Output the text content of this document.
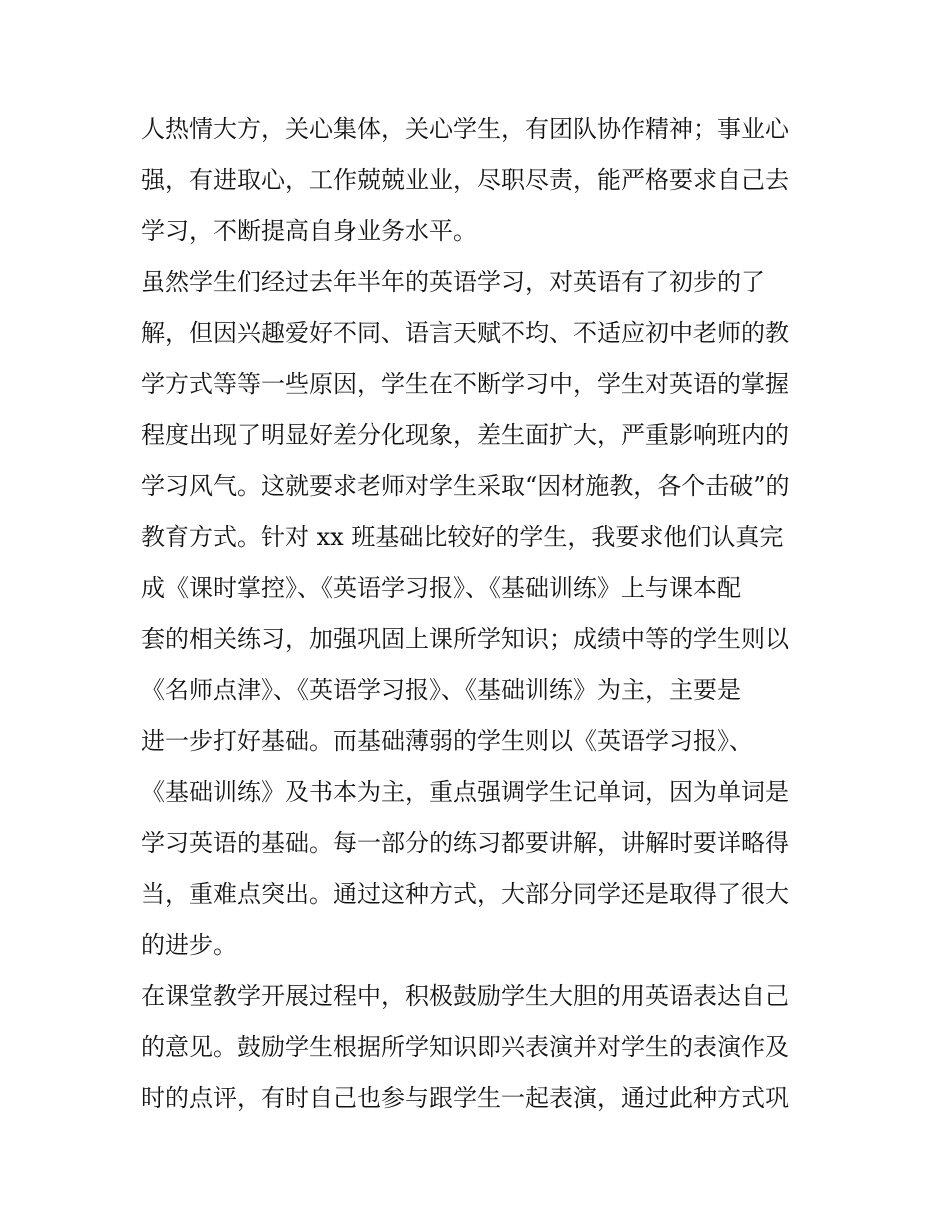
人热情大方，关心集体，关心学生，有团队协作精神；事业心
强，有进取心，工作兢兢业业，尽职尽责，能严格要求自己去
学习，不断提高自身业务水平。
虽然学生们经过去年半年的英语学习，对英语有了初步的了
解，但因兴趣爱好不同、语言天赋不均、不适应初中老师的教
学方式等等一些原因，学生在不断学习中，学生对英语的掌握
程度出现了明显好差分化现象，差生面扩大，严重影响班内的
学习风气。这就要求老师对学生采取“因材施教，各个击破”的
教育方式。针对 xx 班基础比较好的学生，我要求他们认真完
成《课时掌控》、《英语学习报》、《基础训练》上与课本配
套的相关练习，加强巩固上课所学知识；成绩中等的学生则以
《名师点津》、《英语学习报》、《基础训练》为主，主要是
进一步打好基础。而基础薄弱的学生则以《英语学习报》、
《基础训练》及书本为主，重点强调学生记单词，因为单词是
学习英语的基础。每一部分的练习都要讲解，讲解时要详略得
当，重难点突出。通过这种方式，大部分同学还是取得了很大
的进步。
在课堂教学开展过程中，积极鼓励学生大胆的用英语表达自己
的意见。鼓励学生根据所学知识即兴表演并对学生的表演作及
时的点评，有时自己也参与跟学生一起表演，通过此种方式巩
